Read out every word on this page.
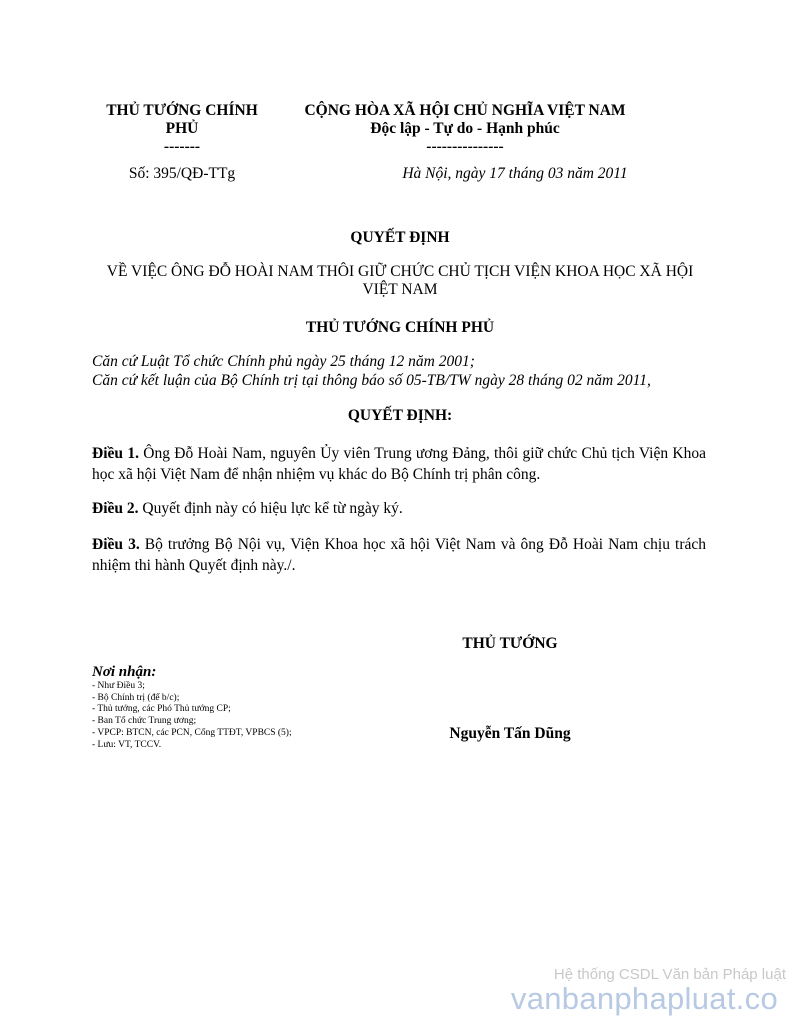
THỦ TƯỚNG CHÍNH
PHỦ
-------
Số: 395/QĐ-TTg
CỘNG HÒA XÃ HỘI CHỦ NGHĨA VIỆT NAM
Độc lập - Tự do - Hạnh phúc
---------------
Hà Nội, ngày 17 tháng 03 năm 2011
QUYẾT ĐỊNH
VỀ VIỆC ÔNG ĐỖ HOÀI NAM THÔI GIỮ CHỨC CHỦ TỊCH VIỆN KHOA HỌC XÃ HỘI
VIỆT NAM
THỦ TƯỚNG CHÍNH PHỦ
Căn cứ Luật Tổ chức Chính phủ ngày 25 tháng 12 năm 2001;
Căn cứ kết luận của Bộ Chính trị tại thông báo số 05-TB/TW ngày 28 tháng 02 năm 2011,
QUYẾT ĐỊNH:
Điều 1. Ông Đỗ Hoài Nam, nguyên Ủy viên Trung ương Đảng, thôi giữ chức Chủ tịch Viện Khoa học xã hội Việt Nam để nhận nhiệm vụ khác do Bộ Chính trị phân công.
Điều 2. Quyết định này có hiệu lực kể từ ngày ký.
Điều 3. Bộ trưởng Bộ Nội vụ, Viện Khoa học xã hội Việt Nam và ông Đỗ Hoài Nam chịu trách nhiệm thi hành Quyết định này./.
THỦ TƯỚNG
Nguyễn Tấn Dũng
Nơi nhận:
- Như Điều 3;
- Bộ Chính trị (để b/c);
- Thủ tướng, các Phó Thủ tướng CP;
- Ban Tổ chức Trung ương;
- VPCP: BTCN, các PCN, Cổng TTĐT, VPBCS (5);
- Lưu: VT, TCCV.
Hệ thống CSDL Văn bản Pháp luật
vanbanphapluat.co
